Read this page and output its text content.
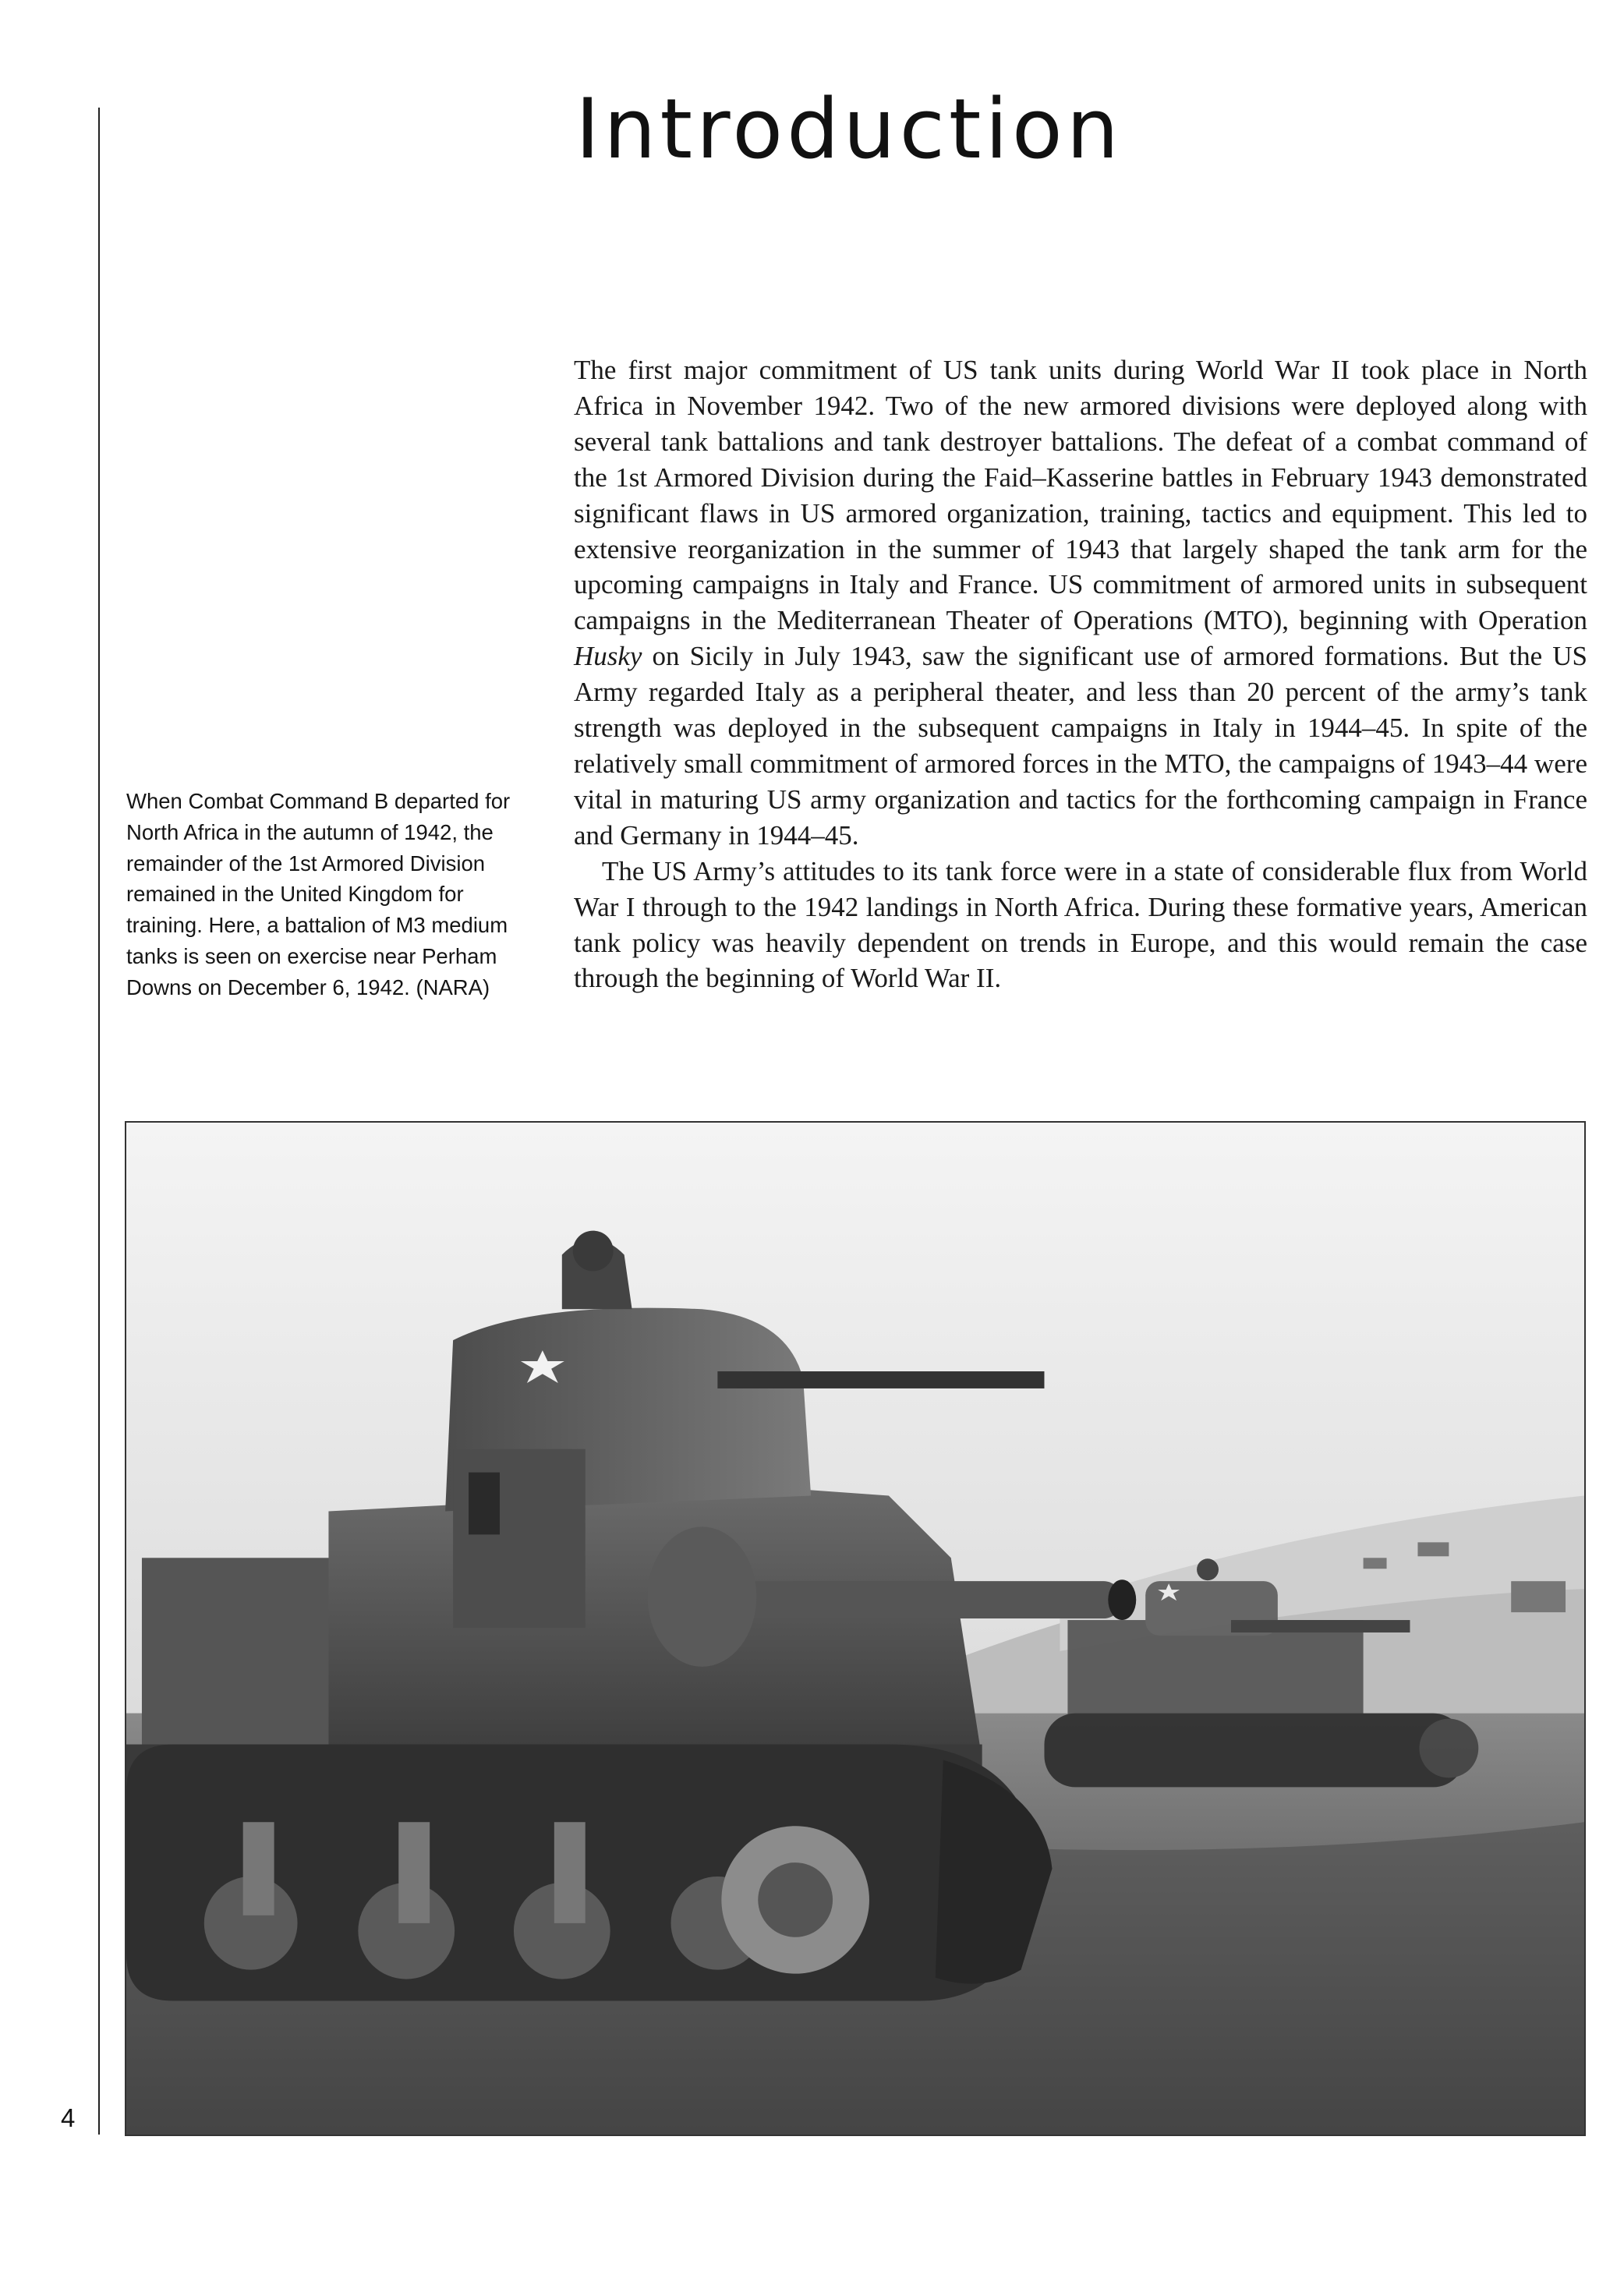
4
Introduction

When Combat Command B departed for North Africa in the autumn of 1942, the remainder of the 1st Armored Division remained in the United Kingdom for training. Here, a battalion of M3 medium tanks is seen on exercise near Perham Downs on December 6, 1942. (NARA)

The first major commitment of US tank units during World War II took place in North Africa in November 1942. Two of the new armored divisions were deployed along with several tank battalions and tank destroyer battalions. The defeat of a combat command of the 1st Armored Division during the Faid–Kasserine battles in February 1943 demonstrated significant flaws in US armored organization, training, tactics and equipment. This led to extensive reorganization in the summer of 1943 that largely shaped the tank arm for the upcoming campaigns in Italy and France. US commitment of armored units in subsequent campaigns in the Mediterranean Theater of Operations (MTO), beginning with Operation Husky on Sicily in July 1943, saw the significant use of armored formations. But the US Army regarded Italy as a peripheral theater, and less than 20 percent of the army’s tank strength was deployed in the subsequent campaigns in Italy in 1944–45. In spite of the relatively small commitment of armored forces in the MTO, the campaigns of 1943–44 were vital in maturing US army organization and tactics for the forthcoming campaign in France and Germany in 1944–45.

The US Army’s attitudes to its tank force were in a state of considerable flux from World War I through to the 1942 landings in North Africa. During these formative years, American tank policy was heavily dependent on trends in Europe, and this would remain the case through the beginning of World War II.
